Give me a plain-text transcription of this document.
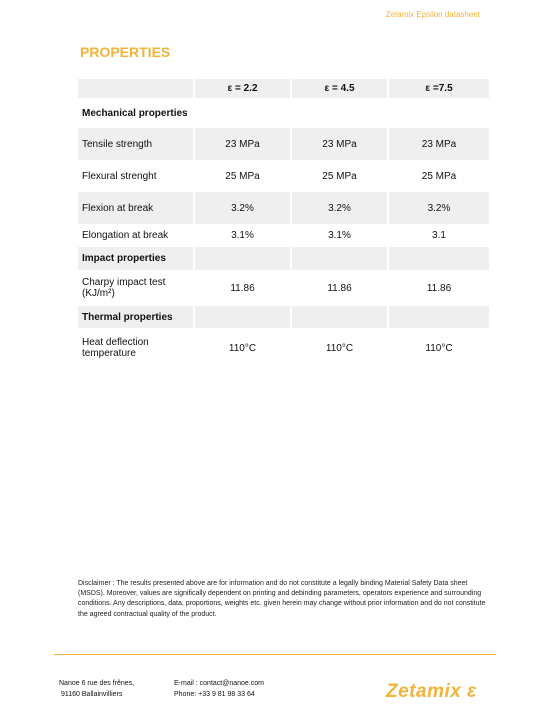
Zetamix Epsilon datasheet
PROPERTIES
	ε = 2.2	ε = 4.5	ε =7.5
Mechanical properties			
Tensile strength	23 MPa	23 MPa	23 MPa
Flexural strenght	25 MPa	25 MPa	25 MPa
Flexion at break	3.2%	3.2%	3.2%
Elongation at break	3.1%	3.1%	3.1
Impact properties			
Charpy impact test (KJ/m²)	11.86	11.86	11.86
Thermal properties			
Heat deflection temperature	110°C	110°C	110°C
Disclaimer : The results presented above are for information and do not constitute a legally binding Material Safety Data sheet (MSDS). Moreover, values are significally dependent on printing and debinding parameters, operators experience and surrounding conditions. Any descriptions, data, proportions, weights etc. given herein may change without prior information and do not constitute the agreed contractual quality of the product.
Nanoe 6 rue des frênes,
91160 Ballainvilliers
E-mail : contact@nanoe.com
Phone: +33 9 81 98 33 64	Zetamix ε
